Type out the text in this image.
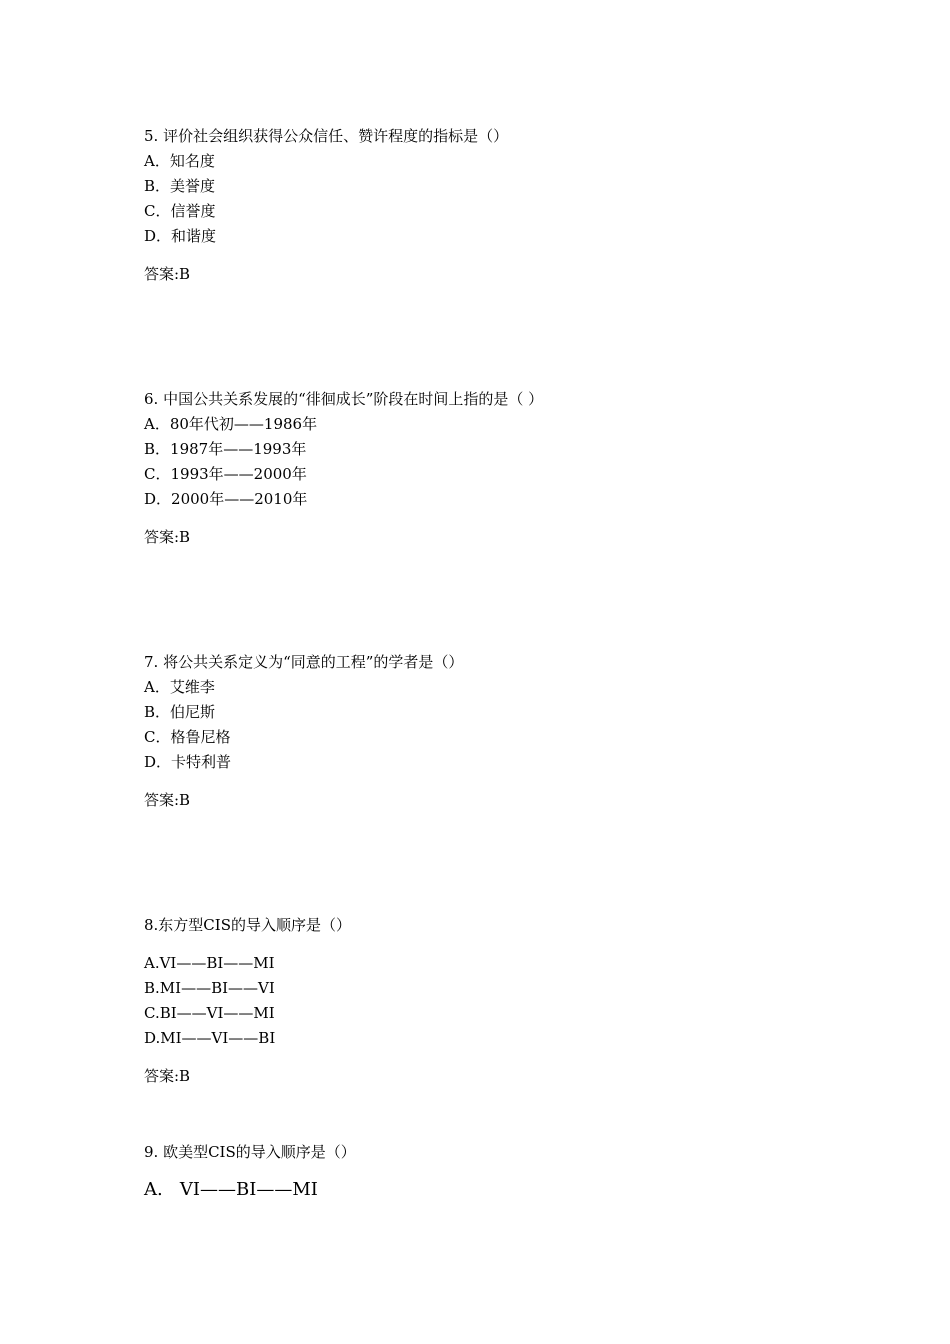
5. 评价社会组织获得公众信任、赞许程度的指标是（）

A．知名度

B．美誉度

C．信誉度

D．和谐度

答案:B

6. 中国公共关系发展的“徘徊成长”阶段在时间上指的是（ ）

A．80年代初——1986年

B．1987年——1993年

C．1993年——2000年

D．2000年——2010年

答案:B

7. 将公共关系定义为“同意的工程”的学者是（）

A．艾维李

B．伯尼斯

C．格鲁尼格

D．卡特利普

答案:B

8.东方型CIS的导入顺序是（）

A.VI——BI——MI

B.MI——BI——VI

C.BI——VI——MI

D.MI——VI——BI

答案:B

9. 欧美型CIS的导入顺序是（）

A.   VI——BI——MI
